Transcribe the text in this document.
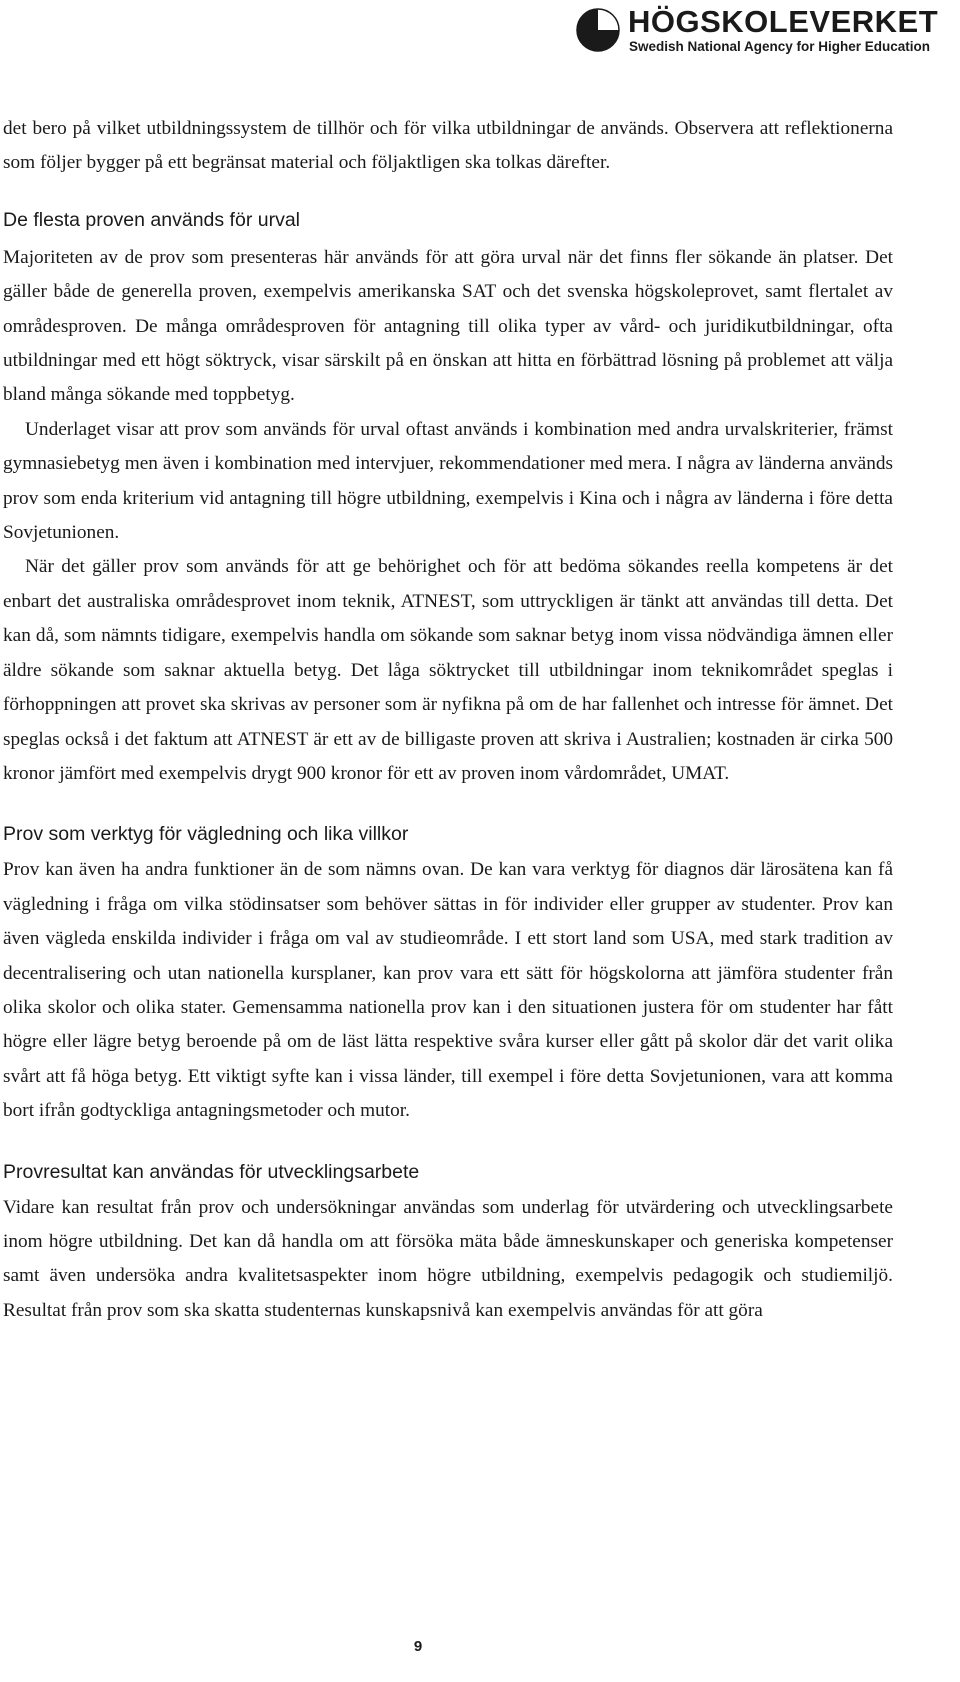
HÖGSKOLEVERKET
Swedish National Agency for Higher Education

det bero på vilket utbildningssystem de tillhör och för vilka utbildningar de används. Observera att reflektionerna som följer bygger på ett begränsat material och följaktligen ska tolkas därefter.

De flesta proven används för urval

Majoriteten av de prov som presenteras här används för att göra urval när det finns fler sökande än platser. Det gäller både de generella proven, exempelvis amerikanska SAT och det svenska högskoleprovet, samt flertalet av områdesproven. De många områdesproven för antagning till olika typer av vård- och juridikutbildningar, ofta utbildningar med ett högt söktryck, visar särskilt på en önskan att hitta en förbättrad lösning på problemet att välja bland många sökande med toppbetyg.

Underlaget visar att prov som används för urval oftast används i kombination med andra urvalskriterier, främst gymnasiebetyg men även i kombination med intervjuer, rekommendationer med mera. I några av länderna används prov som enda kriterium vid antagning till högre utbildning, exempelvis i Kina och i några av länderna i före detta Sovjetunionen.

När det gäller prov som används för att ge behörighet och för att bedöma sökandes reella kompetens är det enbart det australiska områdesprovet inom teknik, ATNEST, som uttryckligen är tänkt att användas till detta. Det kan då, som nämnts tidigare, exempelvis handla om sökande som saknar betyg inom vissa nödvändiga ämnen eller äldre sökande som saknar aktuella betyg. Det låga söktrycket till utbildningar inom teknikområdet speglas i förhoppningen att provet ska skrivas av personer som är nyfikna på om de har fallenhet och intresse för ämnet. Det speglas också i det faktum att ATNEST är ett av de billigaste proven att skriva i Australien; kostnaden är cirka 500 kronor jämfört med exempelvis drygt 900 kronor för ett av proven inom vårdområdet, UMAT.

Prov som verktyg för vägledning och lika villkor

Prov kan även ha andra funktioner än de som nämns ovan. De kan vara verktyg för diagnos där lärosätena kan få vägledning i fråga om vilka stödinsatser som behöver sättas in för individer eller grupper av studenter. Prov kan även vägleda enskilda individer i fråga om val av studieområde. I ett stort land som USA, med stark tradition av decentralisering och utan nationella kursplaner, kan prov vara ett sätt för högskolorna att jämföra studenter från olika skolor och olika stater. Gemensamma nationella prov kan i den situationen justera för om studenter har fått högre eller lägre betyg beroende på om de läst lätta respektive svåra kurser eller gått på skolor där det varit olika svårt att få höga betyg. Ett viktigt syfte kan i vissa länder, till exempel i före detta Sovjetunionen, vara att komma bort ifrån godtyckliga antagningsmetoder och mutor.

Provresultat kan användas för utvecklingsarbete

Vidare kan resultat från prov och undersökningar användas som underlag för utvärdering och utvecklingsarbete inom högre utbildning. Det kan då handla om att försöka mäta både ämneskunskaper och generiska kompetenser samt även undersöka andra kvalitetsaspekter inom högre utbildning, exempelvis pedagogik och studiemiljö. Resultat från prov som ska skatta studenternas kunskapsnivå kan exempelvis användas för att göra

9
